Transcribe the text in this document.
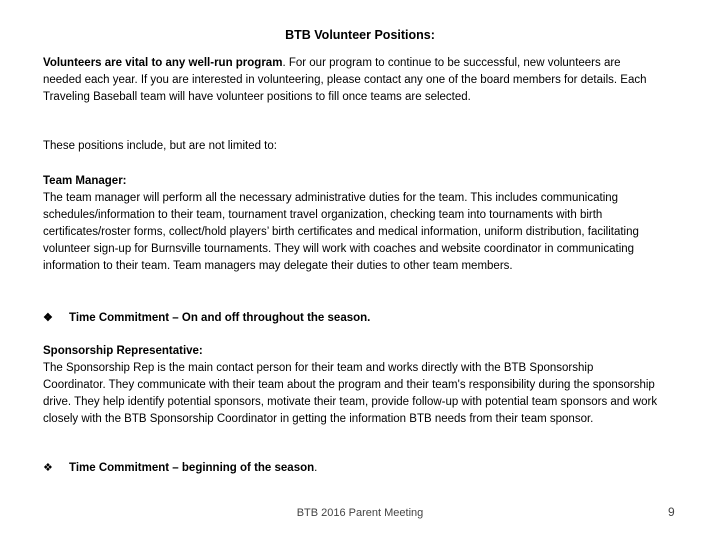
BTB Volunteer Positions:

Volunteers are vital to any well-run program. For our program to continue to be successful, new volunteers are needed each year. If you are interested in volunteering, please contact any one of the board members for details. Each Traveling Baseball team will have volunteer positions to fill once teams are selected.

These positions include, but are not limited to:

Team Manager:
The team manager will perform all the necessary administrative duties for the team. This includes communicating schedules/information to their team, tournament travel organization, checking team into tournaments with birth certificates/roster forms, collect/hold players’ birth certificates and medical information, uniform distribution, facilitating volunteer sign-up for Burnsville tournaments. They will work with coaches and website coordinator in communicating information to their team. Team managers may delegate their duties to other team members.
❖	Time Commitment – On and off throughout the season.
Sponsorship Representative:
The Sponsorship Rep is the main contact person for their team and works directly with the BTB Sponsorship Coordinator. They communicate with their team about the program and their team's responsibility during the sponsorship drive. They help identify potential sponsors, motivate their team, provide follow-up with potential team sponsors and work closely with the BTB Sponsorship Coordinator in getting the information BTB needs from their team sponsor.
❖	Time Commitment – beginning of the season .
BTB 2016 Parent Meeting	9
